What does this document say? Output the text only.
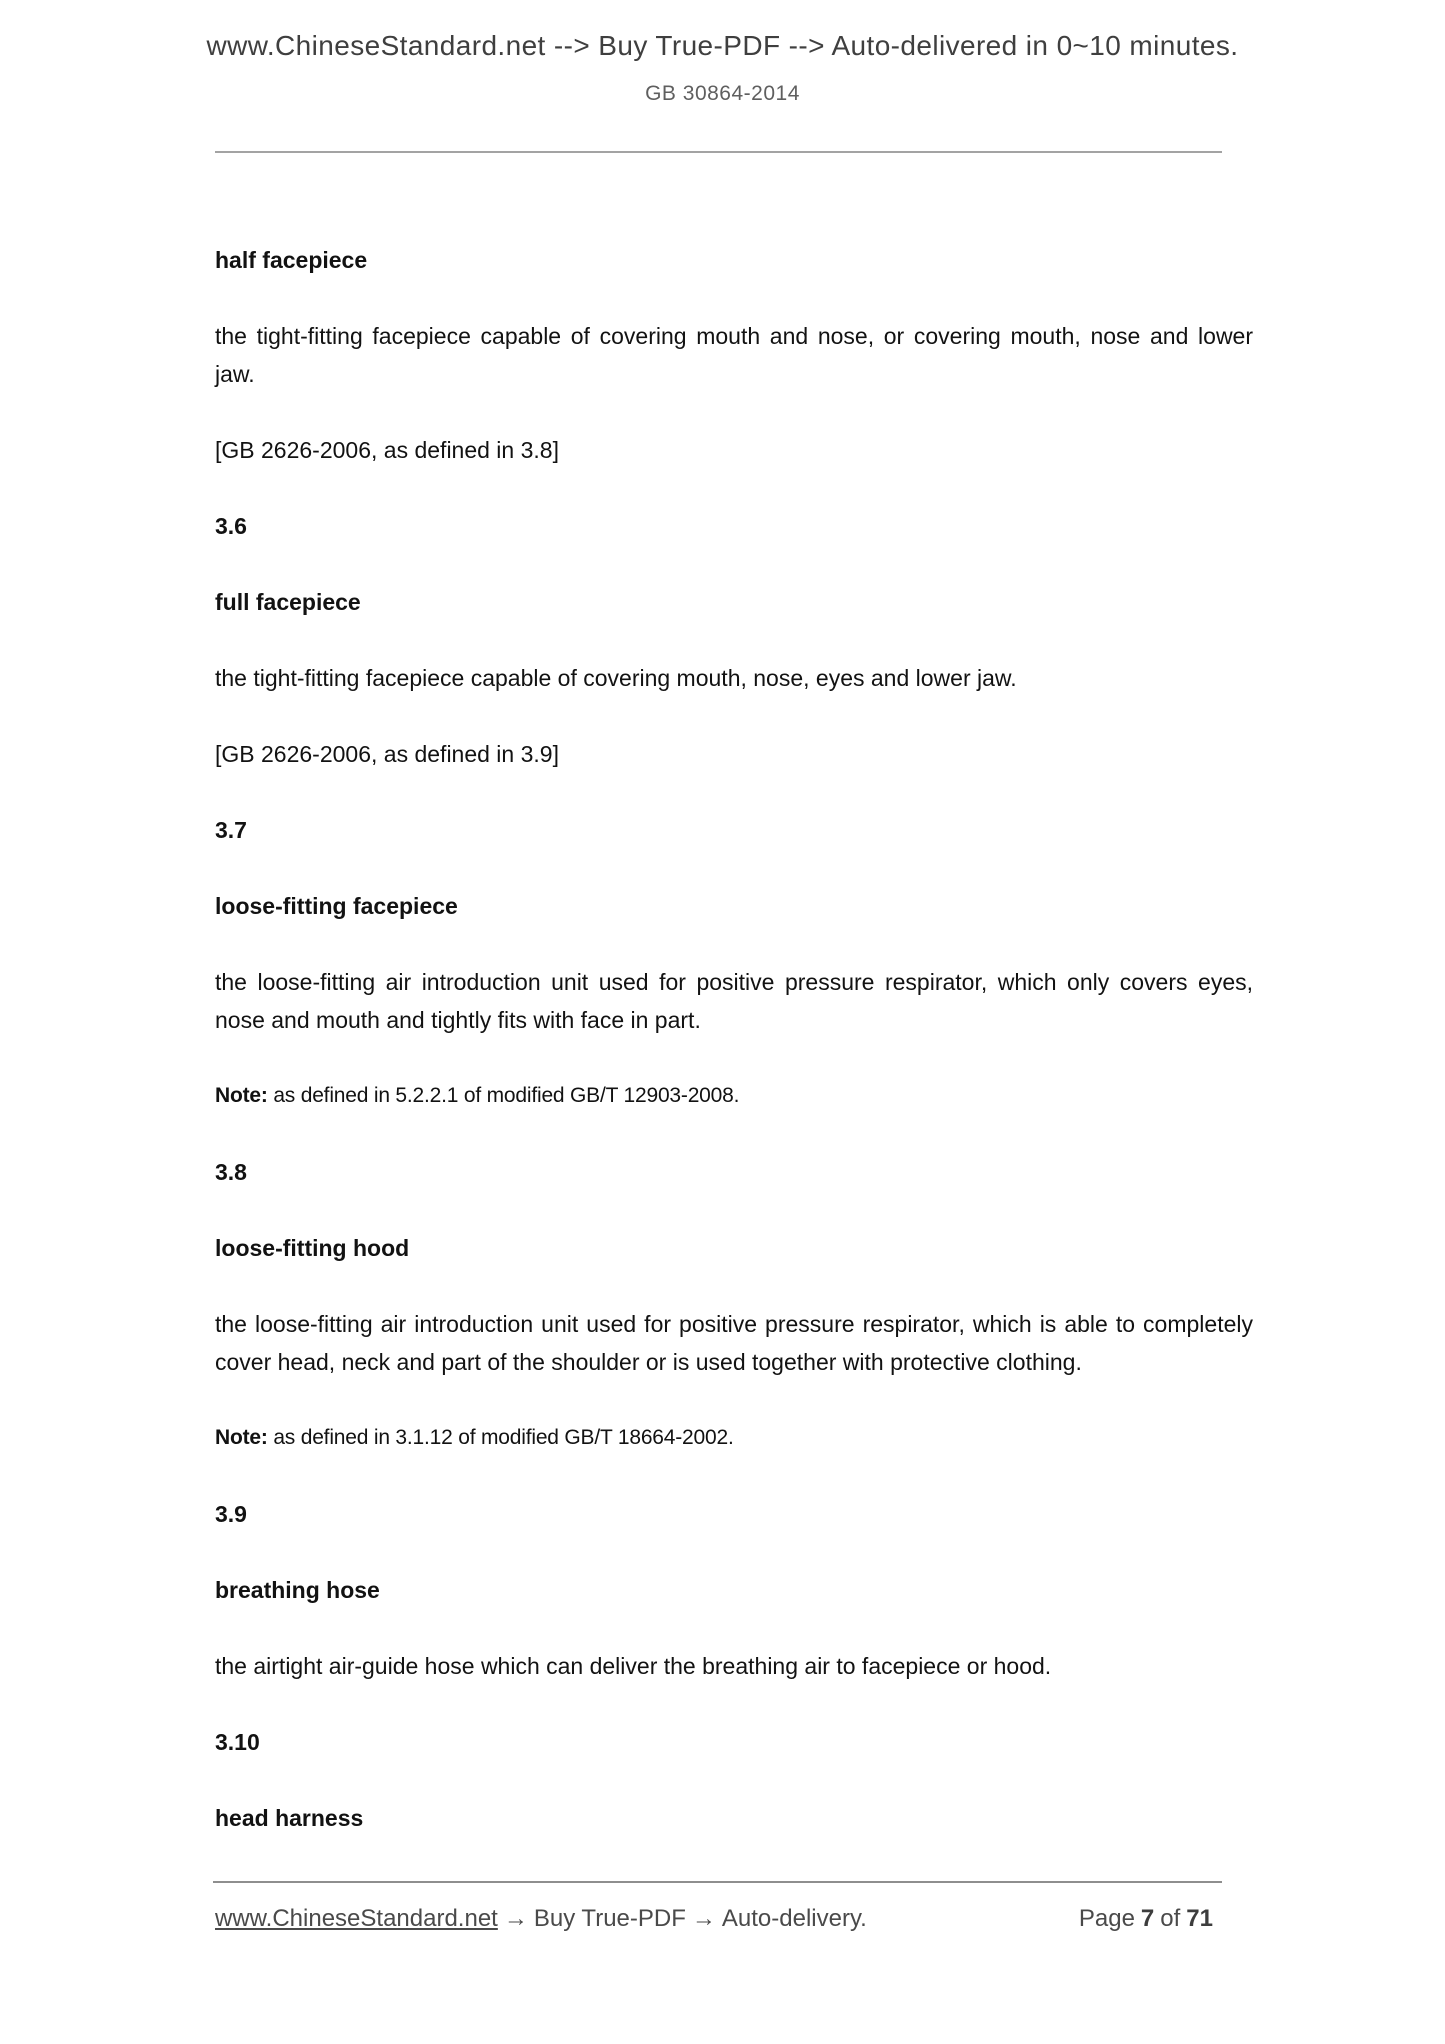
www.ChineseStandard.net --> Buy True-PDF --> Auto-delivered in 0~10 minutes.
GB 30864-2014
half facepiece
the tight-fitting facepiece capable of covering mouth and nose, or covering mouth, nose and lower jaw.
[GB 2626-2006, as defined in 3.8]
3.6
full facepiece
the tight-fitting facepiece capable of covering mouth, nose, eyes and lower jaw.
[GB 2626-2006, as defined in 3.9]
3.7
loose-fitting facepiece
the loose-fitting air introduction unit used for positive pressure respirator, which only covers eyes, nose and mouth and tightly fits with face in part.
Note: as defined in 5.2.2.1 of modified GB/T 12903-2008.
3.8
loose-fitting hood
the loose-fitting air introduction unit used for positive pressure respirator, which is able to completely cover head, neck and part of the shoulder or is used together with protective clothing.
Note: as defined in 3.1.12 of modified GB/T 18664-2002.
3.9
breathing hose
the airtight air-guide hose which can deliver the breathing air to facepiece or hood.
3.10
head harness
www.ChineseStandard.net → Buy True-PDF → Auto-delivery.	Page 7 of 71
